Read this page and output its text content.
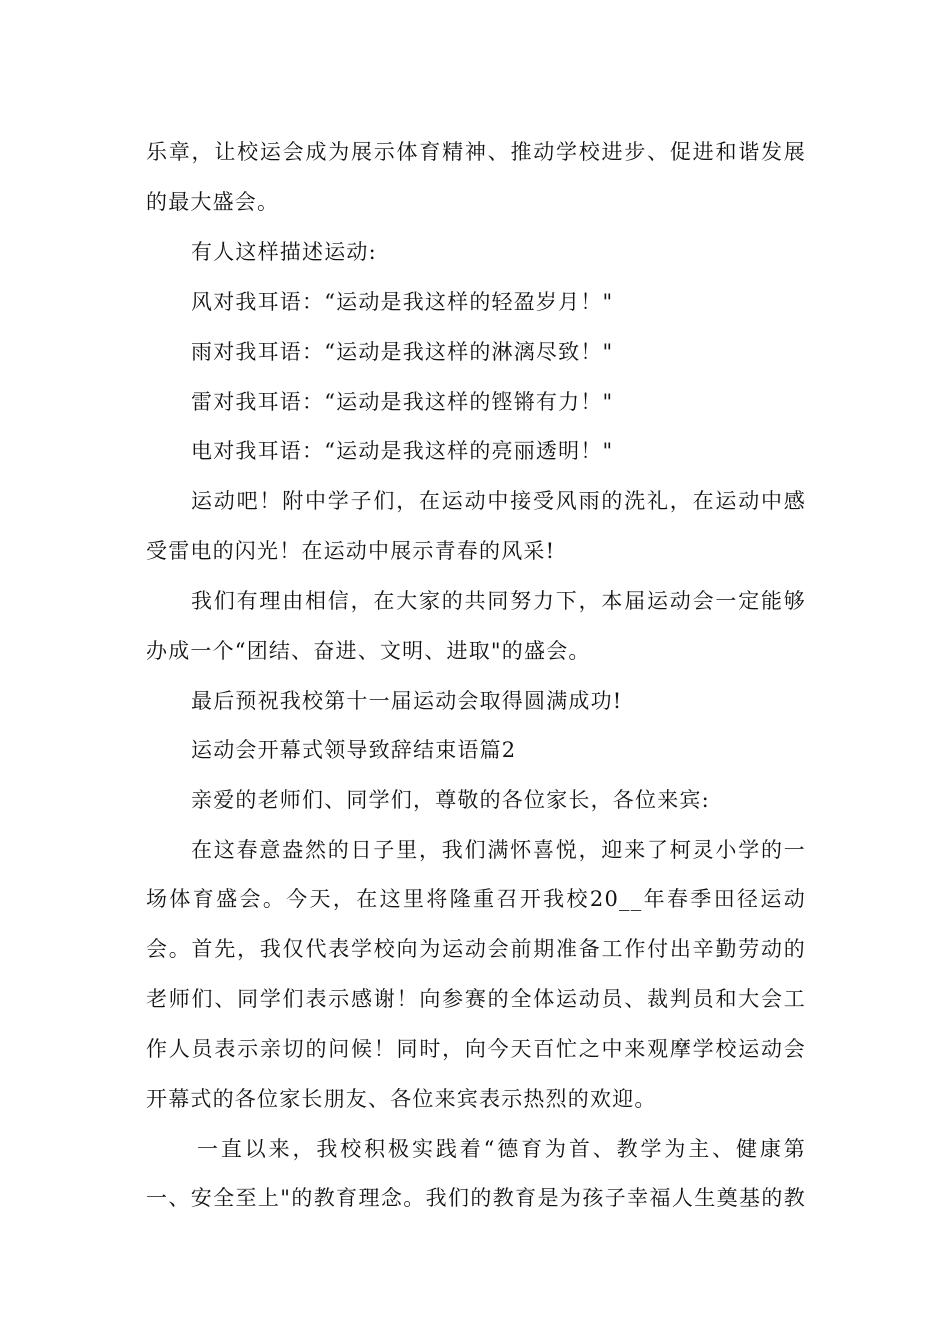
乐章，让校运会成为展示体育精神、推动学校进步、促进和谐发展
的最大盛会。
有人这样描述运动:
风对我耳语：“运动是我这样的轻盈岁月！"
雨对我耳语：“运动是我这样的淋漓尽致！"
雷对我耳语：“运动是我这样的铿锵有力！"
电对我耳语：“运动是我这样的亮丽透明！"
运动吧！附中学子们，在运动中接受风雨的洗礼，在运动中感
受雷电的闪光！在运动中展示青春的风采!
我们有理由相信，在大家的共同努力下，本届运动会一定能够
办成一个“团结、奋进、文明、进取"的盛会。
最后预祝我校第十一届运动会取得圆满成功!
运动会开幕式领导致辞结束语篇2
亲爱的老师们、同学们，尊敬的各位家长，各位来宾:
在这春意盎然的日子里，我们满怀喜悦，迎来了柯灵小学的一
场体育盛会。今天，在这里将隆重召开我校20__年春季田径运动
会。首先，我仅代表学校向为运动会前期准备工作付出辛勤劳动的
老师们、同学们表示感谢！向参赛的全体运动员、裁判员和大会工
作人员表示亲切的问候！同时，向今天百忙之中来观摩学校运动会
开幕式的各位家长朋友、各位来宾表示热烈的欢迎。
一直以来，我校积极实践着“德育为首、教学为主、健康第
一、安全至上"的教育理念。我们的教育是为孩子幸福人生奠基的教
